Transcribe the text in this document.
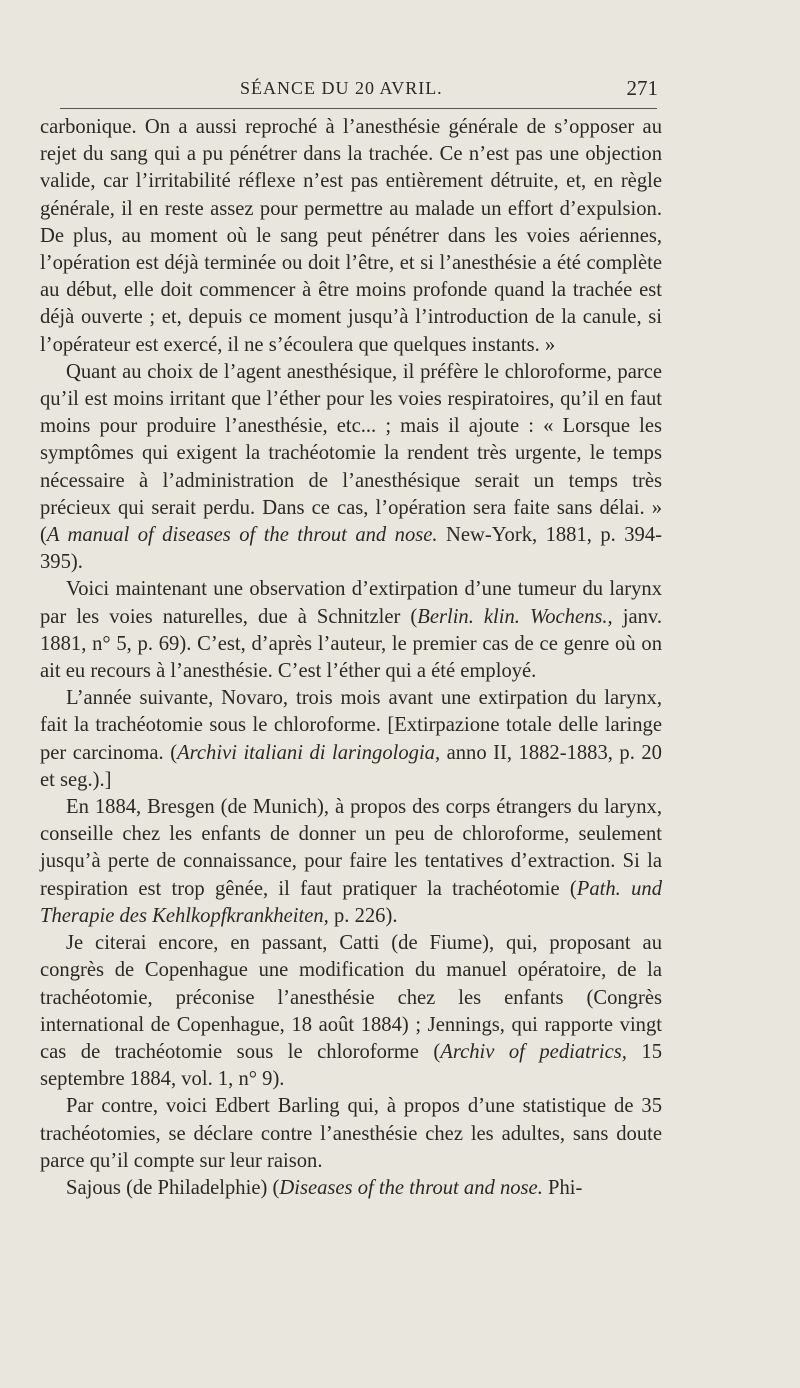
SÉANCE DU 20 AVRIL.	271

carbonique. On a aussi reproché à l’anesthésie générale de s’opposer au rejet du sang qui a pu pénétrer dans la trachée. Ce n’est pas une objection valide, car l’irritabilité réflexe n’est pas entièrement détruite, et, en règle générale, il en reste assez pour permettre au malade un effort d’expulsion. De plus, au moment où le sang peut pénétrer dans les voies aériennes, l’opération est déjà terminée ou doit l’être, et si l’anesthésie a été complète au début, elle doit commencer à être moins profonde quand la trachée est déjà ouverte ; et, depuis ce moment jusqu’à l’introduction de la canule, si l’opérateur est exercé, il ne s’écoulera que quelques instants. »

Quant au choix de l’agent anesthésique, il préfère le chloroforme, parce qu’il est moins irritant que l’éther pour les voies respiratoires, qu’il en faut moins pour produire l’anesthésie, etc... ; mais il ajoute : « Lorsque les symptômes qui exigent la trachéotomie la rendent très urgente, le temps nécessaire à l’administration de l’anesthésique serait un temps très précieux qui serait perdu. Dans ce cas, l’opération sera faite sans délai. » (A manual of diseases of the throut and nose. New-York, 1881, p. 394-395).

Voici maintenant une observation d’extirpation d’une tumeur du larynx par les voies naturelles, due à Schnitzler (Berlin. klin. Wochens., janv. 1881, n° 5, p. 69). C’est, d’après l’auteur, le premier cas de ce genre où on ait eu recours à l’anesthésie. C’est l’éther qui a été employé.

L’année suivante, Novaro, trois mois avant une extirpation du larynx, fait la trachéotomie sous le chloroforme. [Extirpazione totale delle laringe per carcinoma. (Archivi italiani di laringologia, anno II, 1882-1883, p. 20 et seg.).]

En 1884, Bresgen (de Munich), à propos des corps étrangers du larynx, conseille chez les enfants de donner un peu de chloroforme, seulement jusqu’à perte de connaissance, pour faire les tentatives d’extraction. Si la respiration est trop gênée, il faut pratiquer la trachéotomie (Path. und Therapie des Kehlkopfkrankheiten, p. 226).

Je citerai encore, en passant, Catti (de Fiume), qui, proposant au congrès de Copenhague une modification du manuel opératoire, de la trachéotomie, préconise l’anesthésie chez les enfants (Congrès international de Copenhague, 18 août 1884) ; Jennings, qui rapporte vingt cas de trachéotomie sous le chloroforme (Archiv of pediatrics, 15 septembre 1884, vol. 1, n° 9).

Par contre, voici Edbert Barling qui, à propos d’une statistique de 35 trachéotomies, se déclare contre l’anesthésie chez les adultes, sans doute parce qu’il compte sur leur raison.

Sajous (de Philadelphie) (Diseases of the throut and nose. Phi-
